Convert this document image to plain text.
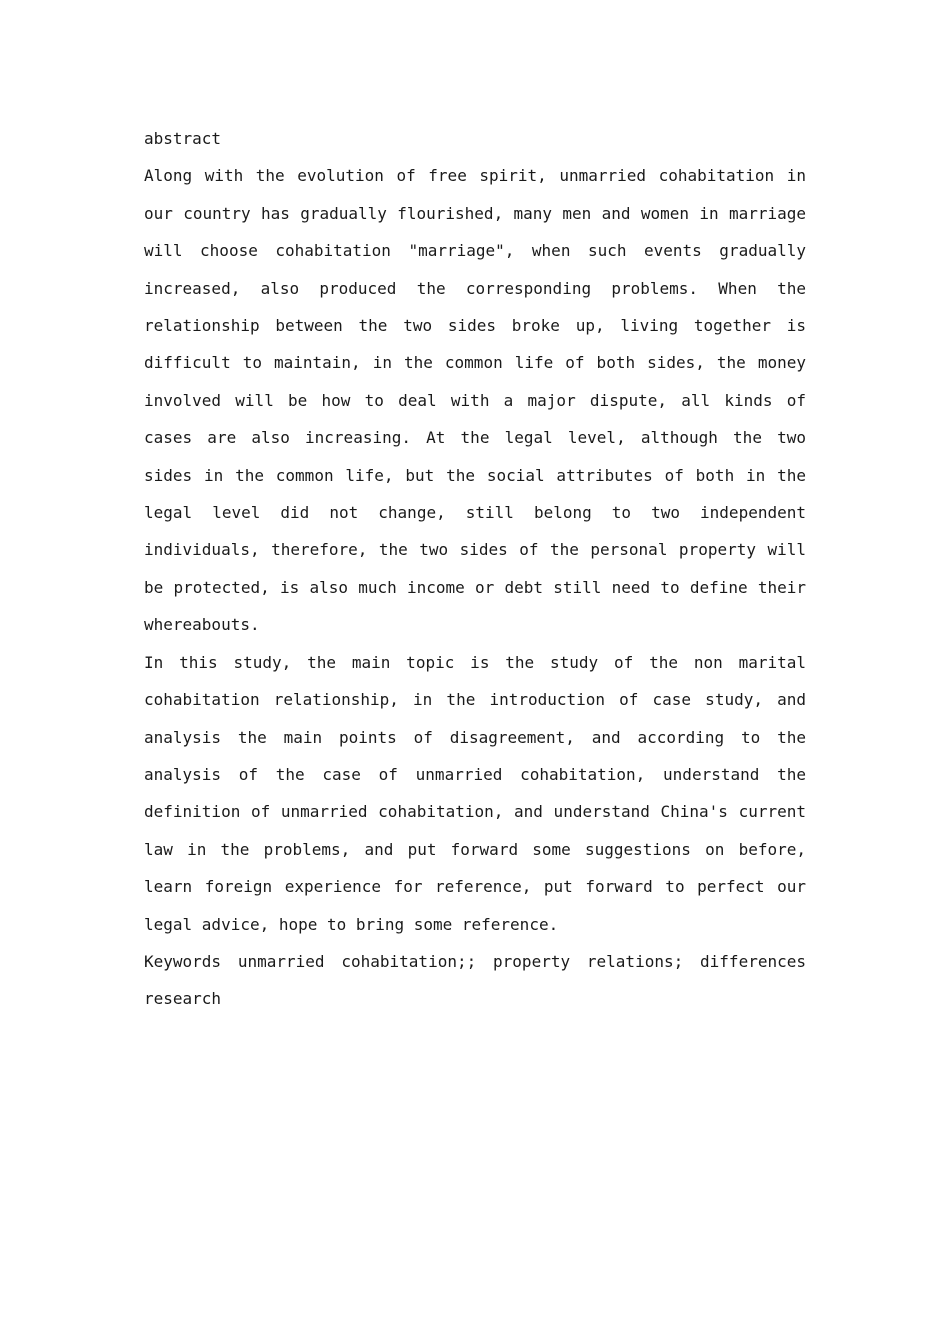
abstract

Along with the evolution of free spirit, unmarried cohabitation in our country has gradually flourished, many men and women in marriage will choose cohabitation "marriage", when such events gradually increased, also produced the corresponding problems. When the relationship between the two sides broke up, living together is difficult to maintain, in the common life of both sides, the money involved will be how to deal with a major dispute, all kinds of cases are also increasing. At the legal level, although the two sides in the common life, but the social attributes of both in the legal level did not change, still belong to two independent individuals, therefore, the two sides of the personal property will be protected, is also much income or debt still need to define their whereabouts.

In this study, the main topic is the study of the non marital cohabitation relationship, in the introduction of case study, and analysis the main points of disagreement, and according to the analysis of the case of unmarried cohabitation, understand the definition of unmarried cohabitation, and understand China's current law in the problems, and put forward some suggestions on before, learn foreign experience for reference, put forward to perfect our legal advice, hope to bring some reference.

Keywords unmarried cohabitation;; property relations; differences research
